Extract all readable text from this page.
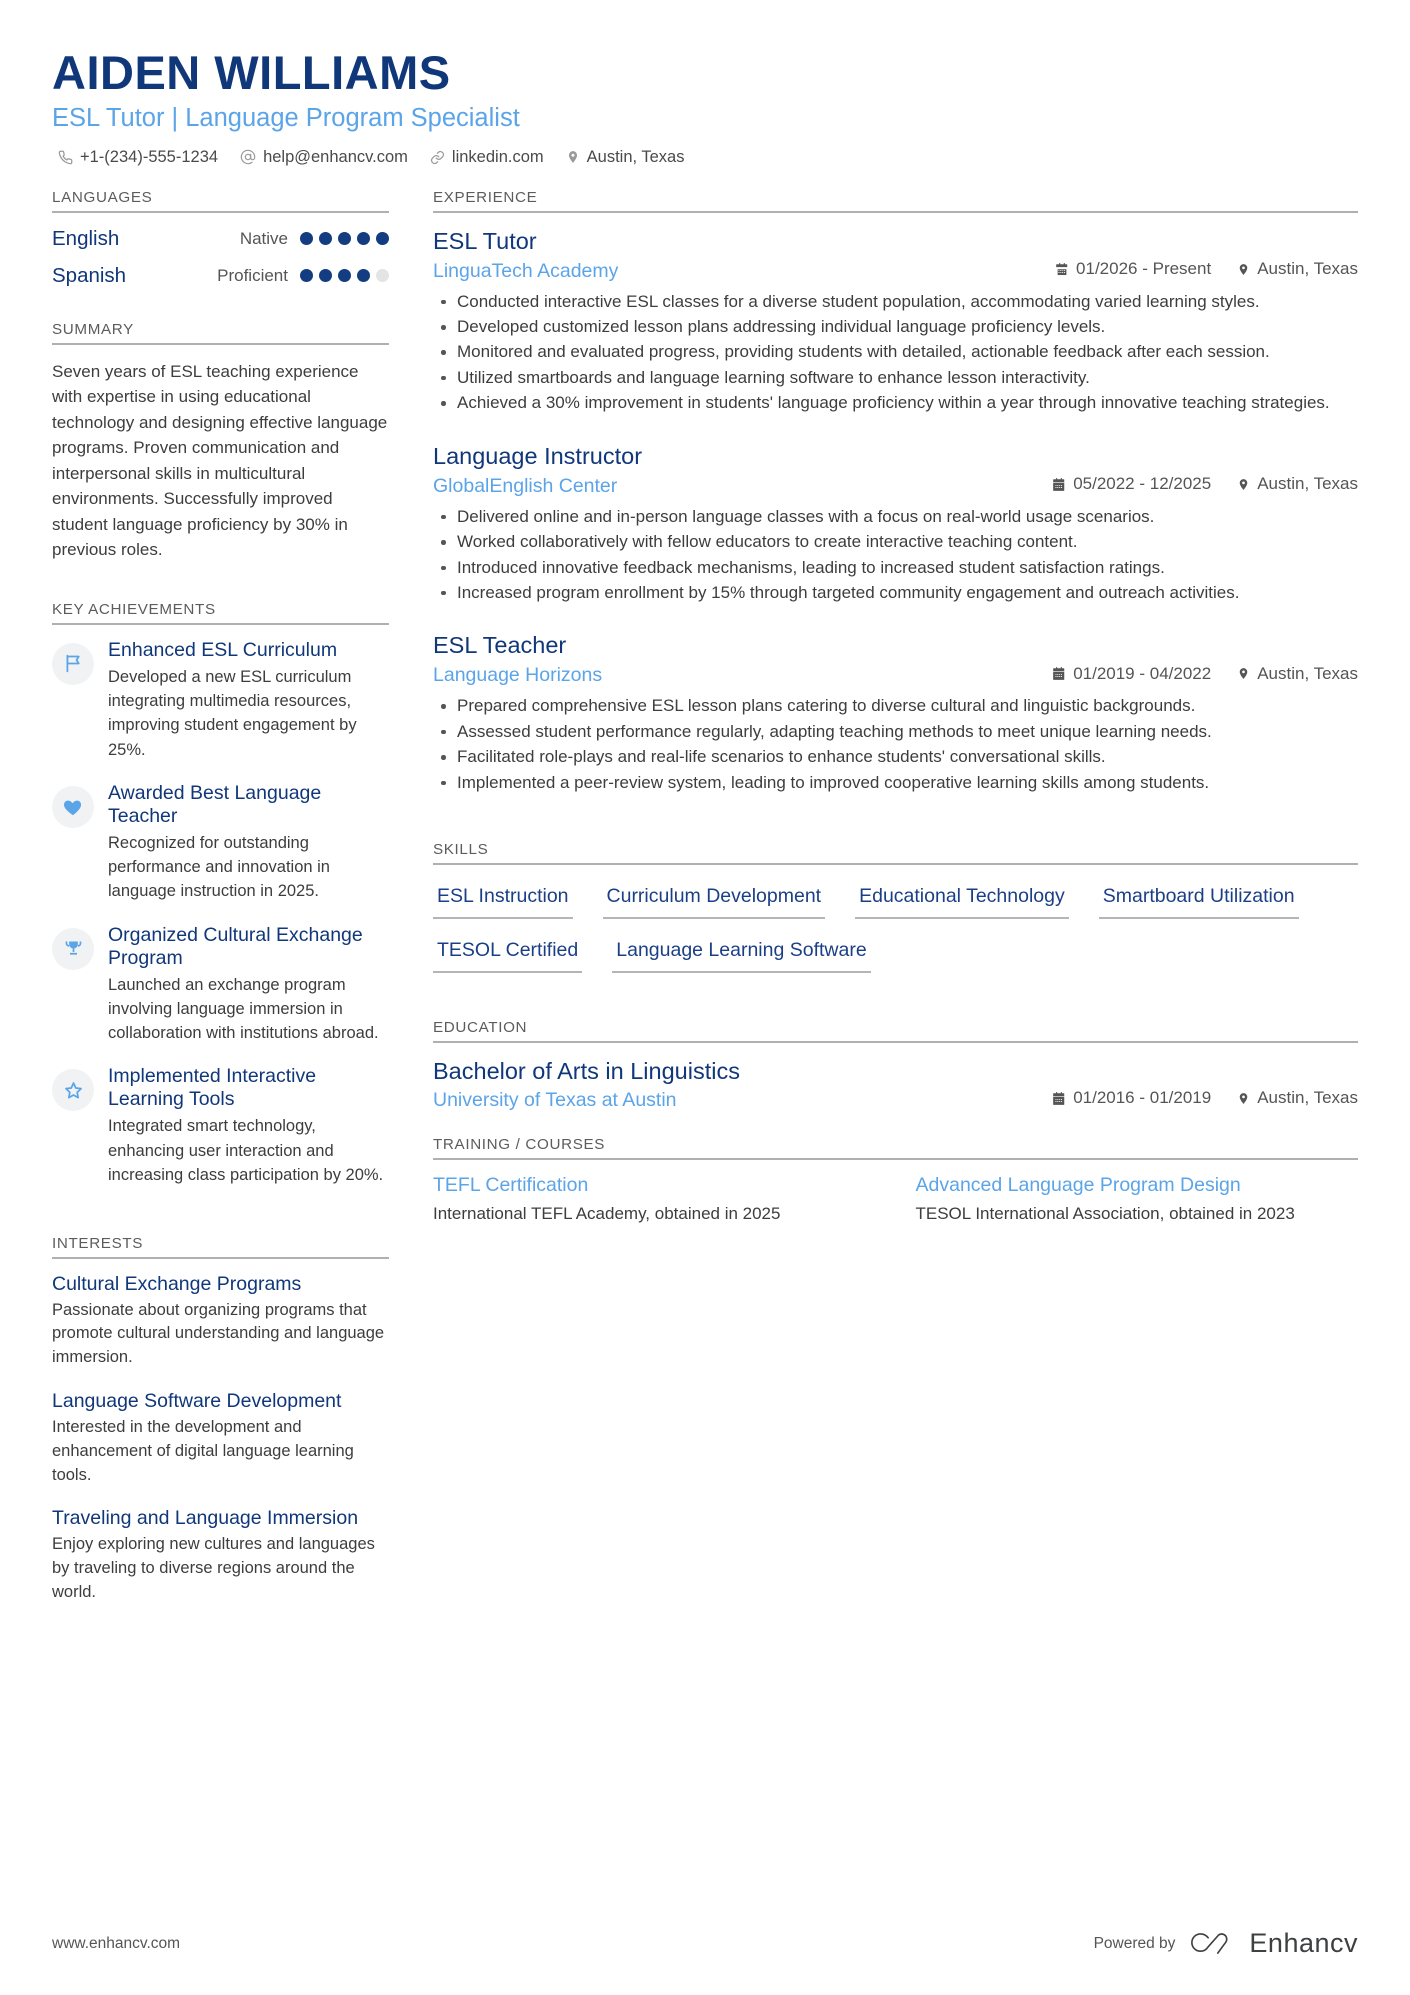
AIDEN WILLIAMS
ESL Tutor | Language Program Specialist
+1-(234)-555-1234	help@enhancv.com	linkedin.com	Austin, Texas
LANGUAGES
English	Native
Spanish	Proficient
SUMMARY
Seven years of ESL teaching experience with expertise in using educational technology and designing effective language programs. Proven communication and interpersonal skills in multicultural environments. Successfully improved student language proficiency by 30% in previous roles.
KEY ACHIEVEMENTS
Enhanced ESL Curriculum
Developed a new ESL curriculum integrating multimedia resources, improving student engagement by 25%.
Awarded Best Language Teacher
Recognized for outstanding performance and innovation in language instruction in 2025.
Organized Cultural Exchange Program
Launched an exchange program involving language immersion in collaboration with institutions abroad.
Implemented Interactive Learning Tools
Integrated smart technology, enhancing user interaction and increasing class participation by 20%.
INTERESTS
Cultural Exchange Programs
Passionate about organizing programs that promote cultural understanding and language immersion.
Language Software Development
Interested in the development and enhancement of digital language learning tools.
Traveling and Language Immersion
Enjoy exploring new cultures and languages by traveling to diverse regions around the world.
EXPERIENCE
ESL Tutor
LinguaTech Academy	01/2026 - Present	Austin, Texas
Conducted interactive ESL classes for a diverse student population, accommodating varied learning styles.
Developed customized lesson plans addressing individual language proficiency levels.
Monitored and evaluated progress, providing students with detailed, actionable feedback after each session.
Utilized smartboards and language learning software to enhance lesson interactivity.
Achieved a 30% improvement in students' language proficiency within a year through innovative teaching strategies.
Language Instructor
GlobalEnglish Center	05/2022 - 12/2025	Austin, Texas
Delivered online and in-person language classes with a focus on real-world usage scenarios.
Worked collaboratively with fellow educators to create interactive teaching content.
Introduced innovative feedback mechanisms, leading to increased student satisfaction ratings.
Increased program enrollment by 15% through targeted community engagement and outreach activities.
ESL Teacher
Language Horizons	01/2019 - 04/2022	Austin, Texas
Prepared comprehensive ESL lesson plans catering to diverse cultural and linguistic backgrounds.
Assessed student performance regularly, adapting teaching methods to meet unique learning needs.
Facilitated role-plays and real-life scenarios to enhance students' conversational skills.
Implemented a peer-review system, leading to improved cooperative learning skills among students.
SKILLS
ESL Instruction Curriculum Development Educational Technology Smartboard Utilization
TESOL Certified Language Learning Software
EDUCATION
Bachelor of Arts in Linguistics
University of Texas at Austin	01/2016 - 01/2019	Austin, Texas
TRAINING / COURSES
TEFL Certification
International TEFL Academy, obtained in 2025
Advanced Language Program Design
TESOL International Association, obtained in 2023
www.enhancv.com	Powered by	Enhancv
